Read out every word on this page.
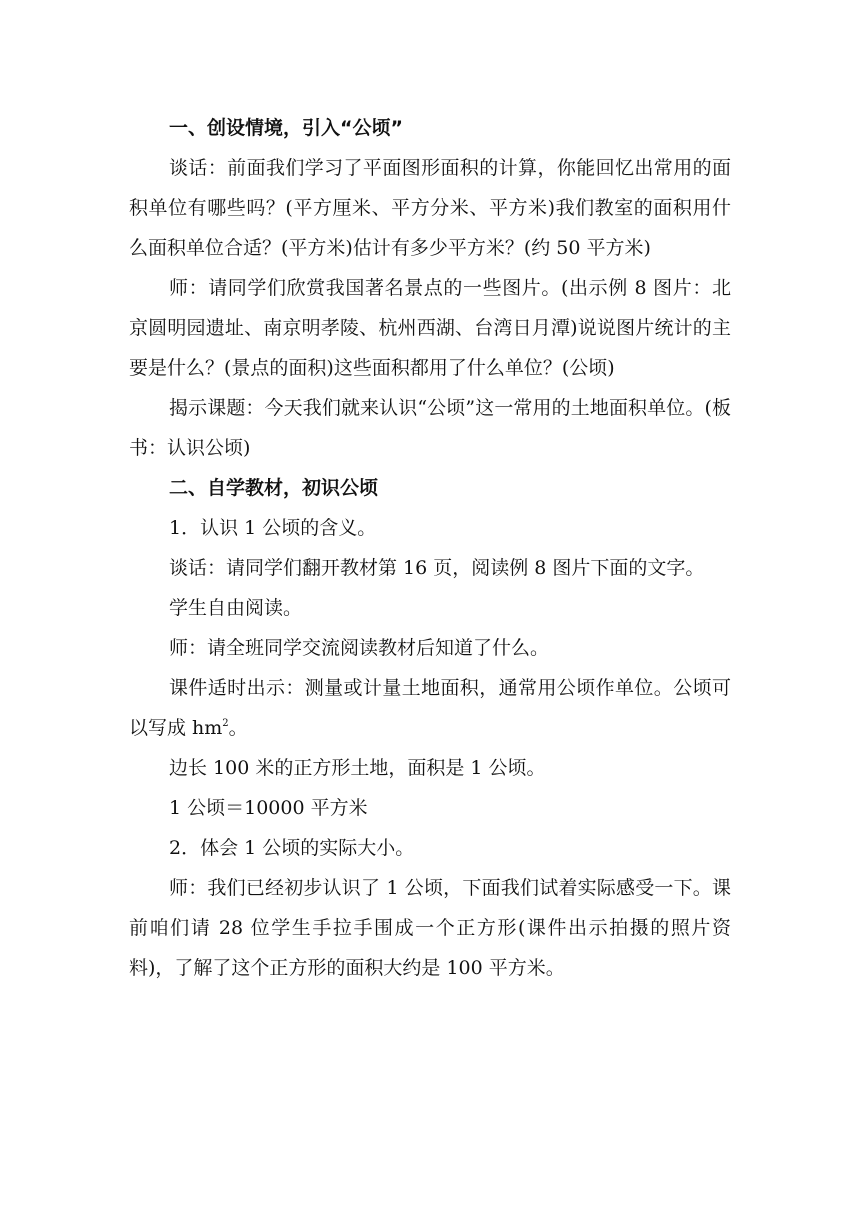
一、创设情境，引入“公顷”

谈话：前面我们学习了平面图形面积的计算，你能回忆出常用的面积单位有哪些吗？(平方厘米、平方分米、平方米)我们教室的面积用什么面积单位合适？(平方米)估计有多少平方米？(约 50 平方米)

师：请同学们欣赏我国著名景点的一些图片。(出示例 8 图片：北京圆明园遗址、南京明孝陵、杭州西湖、台湾日月潭)说说图片统计的主要是什么？(景点的面积)这些面积都用了什么单位？(公顷)

揭示课题：今天我们就来认识“公顷”这一常用的土地面积单位。(板书：认识公顷)

二、自学教材，初识公顷

1．认识 1 公顷的含义。

谈话：请同学们翻开教材第 16 页，阅读例 8 图片下面的文字。

学生自由阅读。

师：请全班同学交流阅读教材后知道了什么。

课件适时出示：测量或计量土地面积，通常用公顷作单位。公顷可以写成 $hm^2$。

边长 100 米的正方形土地，面积是 1 公顷。

1 公顷＝10000 平方米

2．体会 1 公顷的实际大小。

师：我们已经初步认识了 1 公顷，下面我们试着实际感受一下。课前咱们请 28 位学生手拉手围成一个正方形(课件出示拍摄的照片资料)，了解了这个正方形的面积大约是 100 平方米。
